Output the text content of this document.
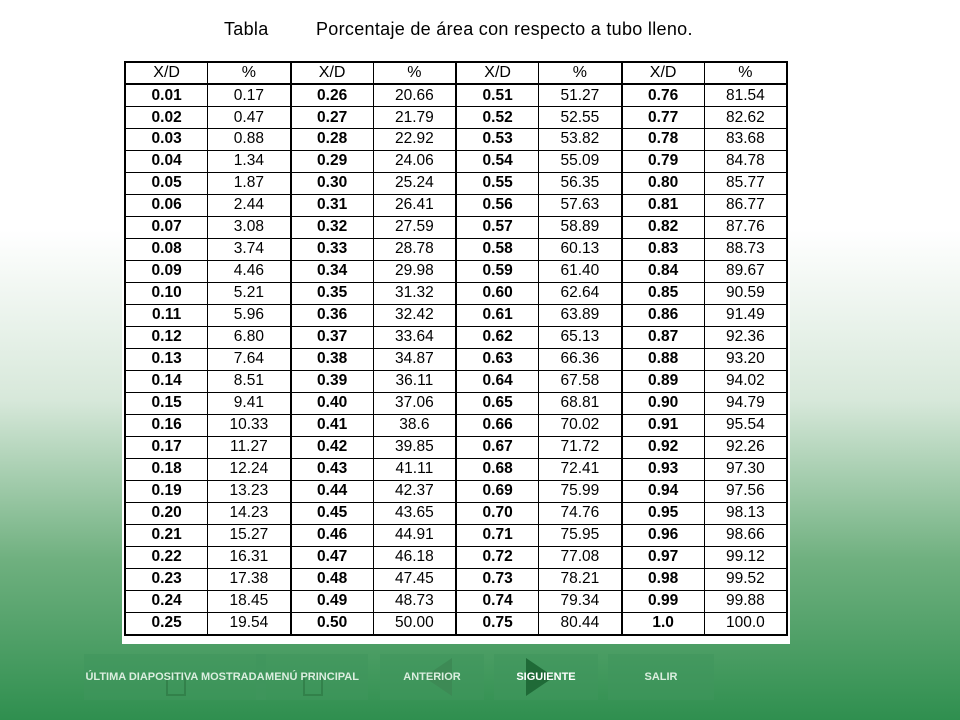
Tabla	Porcentaje de área con respecto a tubo lleno.
X/D	%	X/D	%	X/D	%	X/D	%
0.01	0.17	0.26	20.66	0.51	51.27	0.76	81.54
0.02	0.47	0.27	21.79	0.52	52.55	0.77	82.62
0.03	0.88	0.28	22.92	0.53	53.82	0.78	83.68
0.04	1.34	0.29	24.06	0.54	55.09	0.79	84.78
0.05	1.87	0.30	25.24	0.55	56.35	0.80	85.77
0.06	2.44	0.31	26.41	0.56	57.63	0.81	86.77
0.07	3.08	0.32	27.59	0.57	58.89	0.82	87.76
0.08	3.74	0.33	28.78	0.58	60.13	0.83	88.73
0.09	4.46	0.34	29.98	0.59	61.40	0.84	89.67
0.10	5.21	0.35	31.32	0.60	62.64	0.85	90.59
0.11	5.96	0.36	32.42	0.61	63.89	0.86	91.49
0.12	6.80	0.37	33.64	0.62	65.13	0.87	92.36
0.13	7.64	0.38	34.87	0.63	66.36	0.88	93.20
0.14	8.51	0.39	36.11	0.64	67.58	0.89	94.02
0.15	9.41	0.40	37.06	0.65	68.81	0.90	94.79
0.16	10.33	0.41	38.6	0.66	70.02	0.91	95.54
0.17	11.27	0.42	39.85	0.67	71.72	0.92	92.26
0.18	12.24	0.43	41.11	0.68	72.41	0.93	97.30
0.19	13.23	0.44	42.37	0.69	75.99	0.94	97.56
0.20	14.23	0.45	43.65	0.70	74.76	0.95	98.13
0.21	15.27	0.46	44.91	0.71	75.95	0.96	98.66
0.22	16.31	0.47	46.18	0.72	77.08	0.97	99.12
0.23	17.38	0.48	47.45	0.73	78.21	0.98	99.52
0.24	18.45	0.49	48.73	0.74	79.34	0.99	99.88
0.25	19.54	0.50	50.00	0.75	80.44	1.0	100.0
ÚLTIMA DIAPOSITIVA MOSTRADA MENÚ PRINCIPAL	ANTERIOR	SIGUIENTE	SALIR
